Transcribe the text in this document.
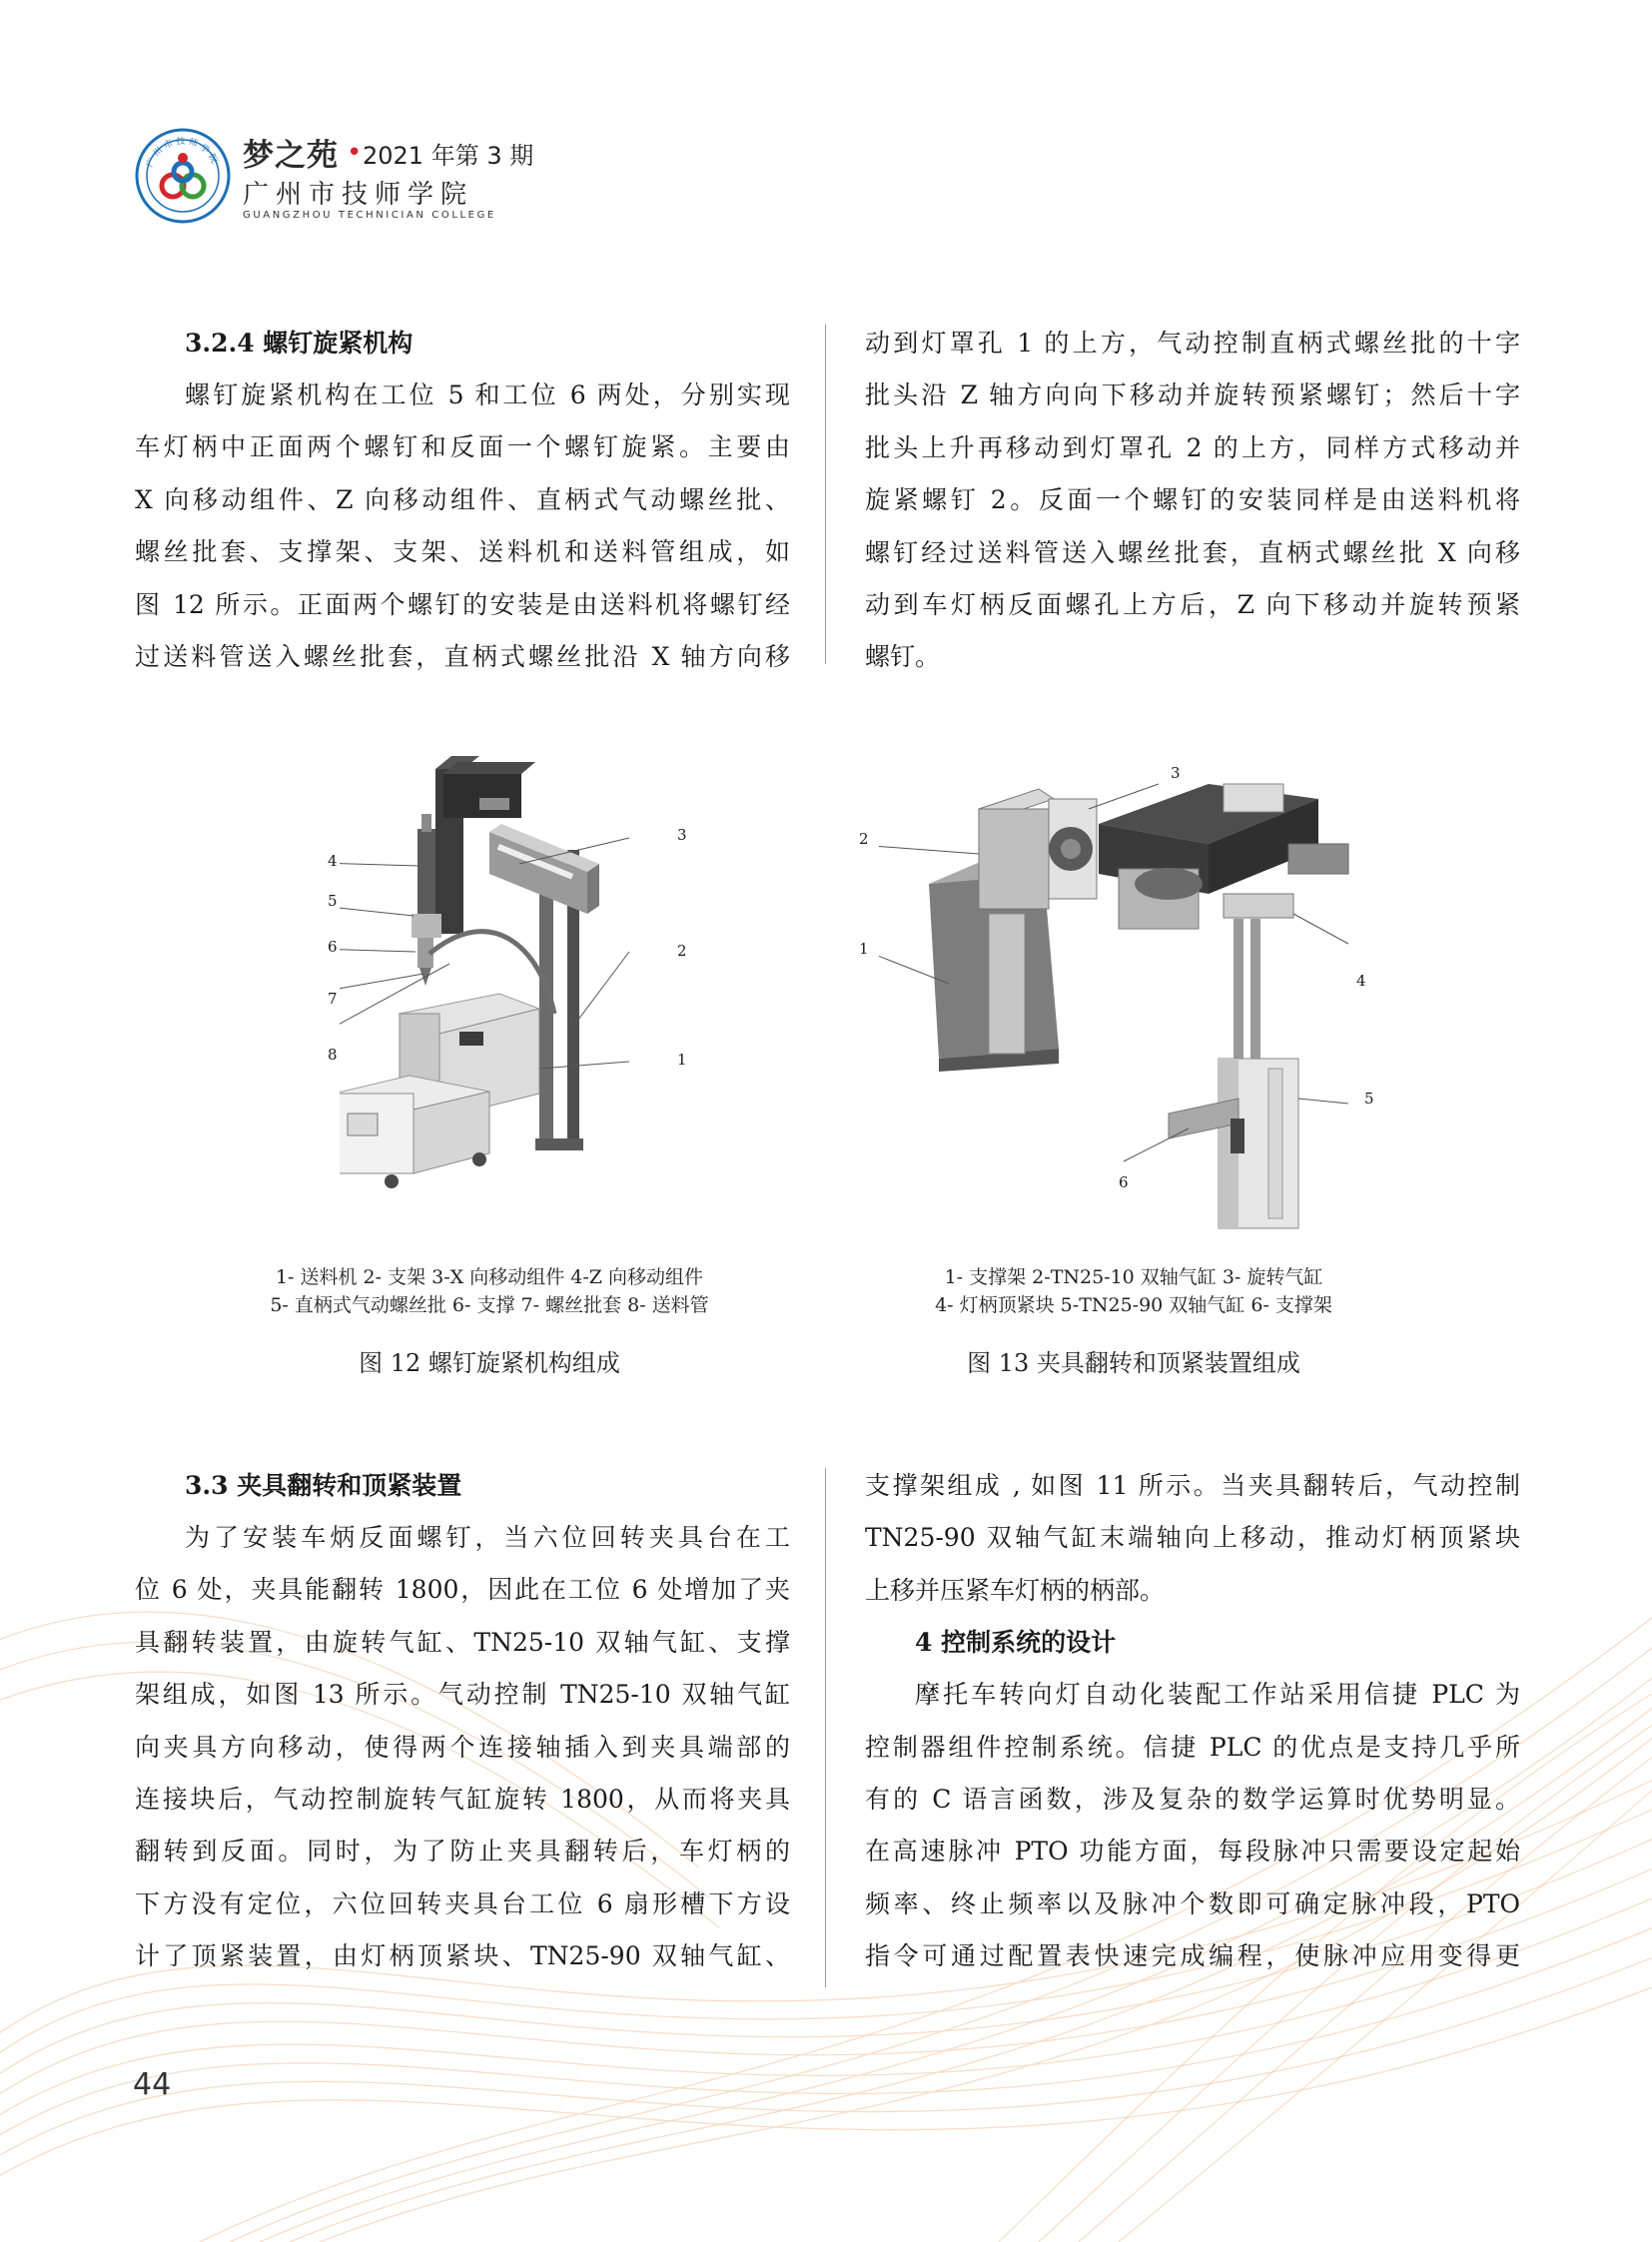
广 州 市 技 师 学 院 梦之苑 • 2021 年第 3 期
广州市技师学院
GUANGZHOU TECHNICIAN COLLEGE
3.2.4 螺钉旋紧机构
螺钉旋紧机构在工位 5 和工位 6 两处，分别实现
车灯柄中正面两个螺钉和反面一个螺钉旋紧。主要由
X 向移动组件、Z 向移动组件、直柄式气动螺丝批、
螺丝批套、支撑架、支架、送料机和送料管组成，如
图 12 所示。正面两个螺钉的安装是由送料机将螺钉经
过送料管送入螺丝批套，直柄式螺丝批沿 X 轴方向移
动到灯罩孔 1 的上方，气动控制直柄式螺丝批的十字
批头沿 Z 轴方向向下移动并旋转预紧螺钉；然后十字
批头上升再移动到灯罩孔 2 的上方，同样方式移动并
旋紧螺钉 2。反面一个螺钉的安装同样是由送料机将
螺钉经过送料管送入螺丝批套，直柄式螺丝批 X 向移
动到车灯柄反面螺孔上方后，Z 向下移动并旋转预紧
螺钉。
4
5
6
7
8
3
2
1
1- 送料机 2- 支架 3-X 向移动组件 4-Z 向移动组件
5- 直柄式气动螺丝批 6- 支撑 7- 螺丝批套 8- 送料管
图 12 螺钉旋紧机构组成
1
2
3
4
5
6
1- 支撑架 2-TN25-10 双轴气缸 3- 旋转气缸
4- 灯柄顶紧块 5-TN25-90 双轴气缸 6- 支撑架
图 13 夹具翻转和顶紧装置组成
3.3 夹具翻转和顶紧装置
为了安装车炳反面螺钉，当六位回转夹具台在工
位 6 处，夹具能翻转 1800，因此在工位 6 处增加了夹
具翻转装置，由旋转气缸、TN25-10 双轴气缸、支撑
架组成，如图 13 所示。气动控制 TN25-10 双轴气缸
向夹具方向移动，使得两个连接轴插入到夹具端部的
连接块后，气动控制旋转气缸旋转 1800，从而将夹具
翻转到反面。同时，为了防止夹具翻转后，车灯柄的
下方没有定位，六位回转夹具台工位 6 扇形槽下方设
计了顶紧装置，由灯柄顶紧块、TN25-90 双轴气缸、
支撑架组成 , 如图 11 所示。当夹具翻转后，气动控制
TN25-90 双轴气缸末端轴向上移动，推动灯柄顶紧块
上移并压紧车灯柄的柄部。
4 控制系统的设计
摩托车转向灯自动化装配工作站采用信捷 PLC 为
控制器组件控制系统。信捷 PLC 的优点是支持几乎所
有的 C 语言函数，涉及复杂的数学运算时优势明显。
在高速脉冲 PTO 功能方面，每段脉冲只需要设定起始
频率、终止频率以及脉冲个数即可确定脉冲段，PTO
指令可通过配置表快速完成编程，使脉冲应用变得更
44
